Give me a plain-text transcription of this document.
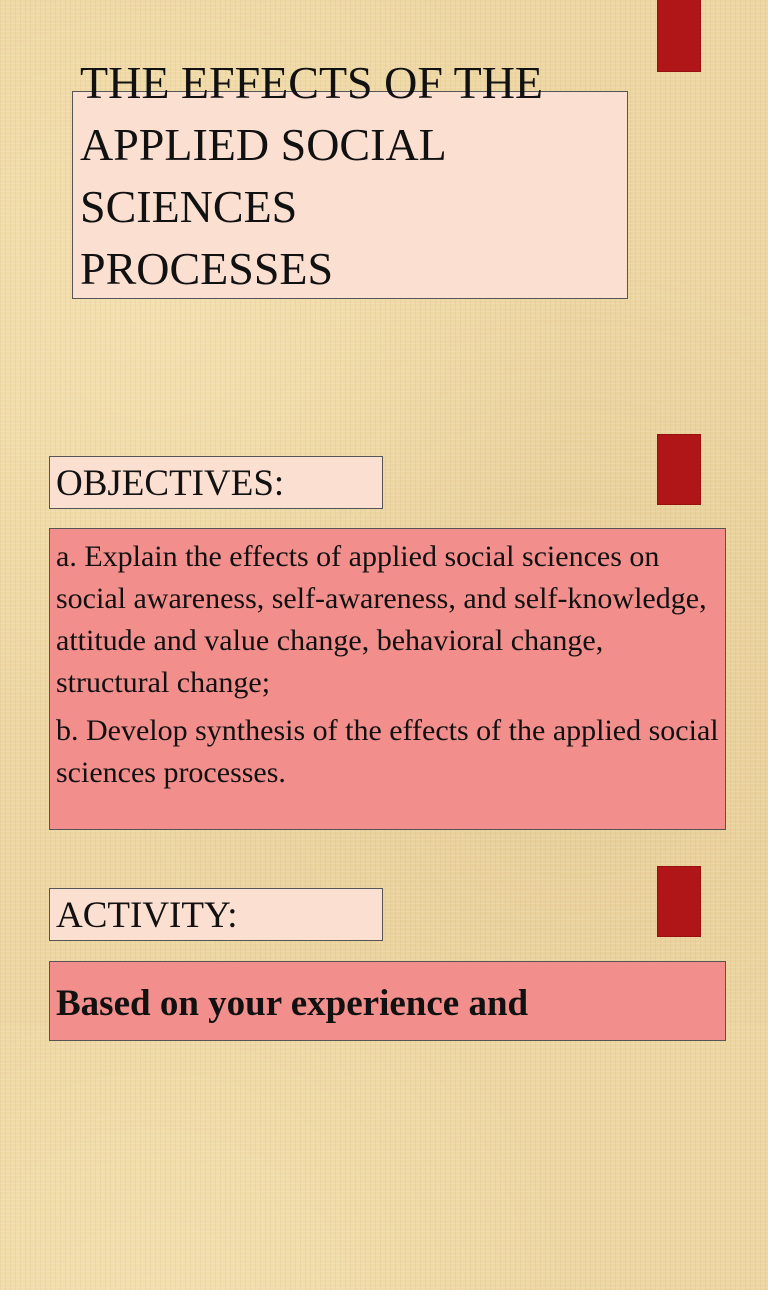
THE EFFECTS OF THE
APPLIED SOCIAL
SCIENCES
PROCESSES
OBJECTIVES:

a. Explain the effects of applied social sciences on social awareness, self-awareness, and self-knowledge, attitude and value change, behavioral change, structural change;

b. Develop synthesis of the effects of the applied social sciences processes.

ACTIVITY:

Based on your experience and
